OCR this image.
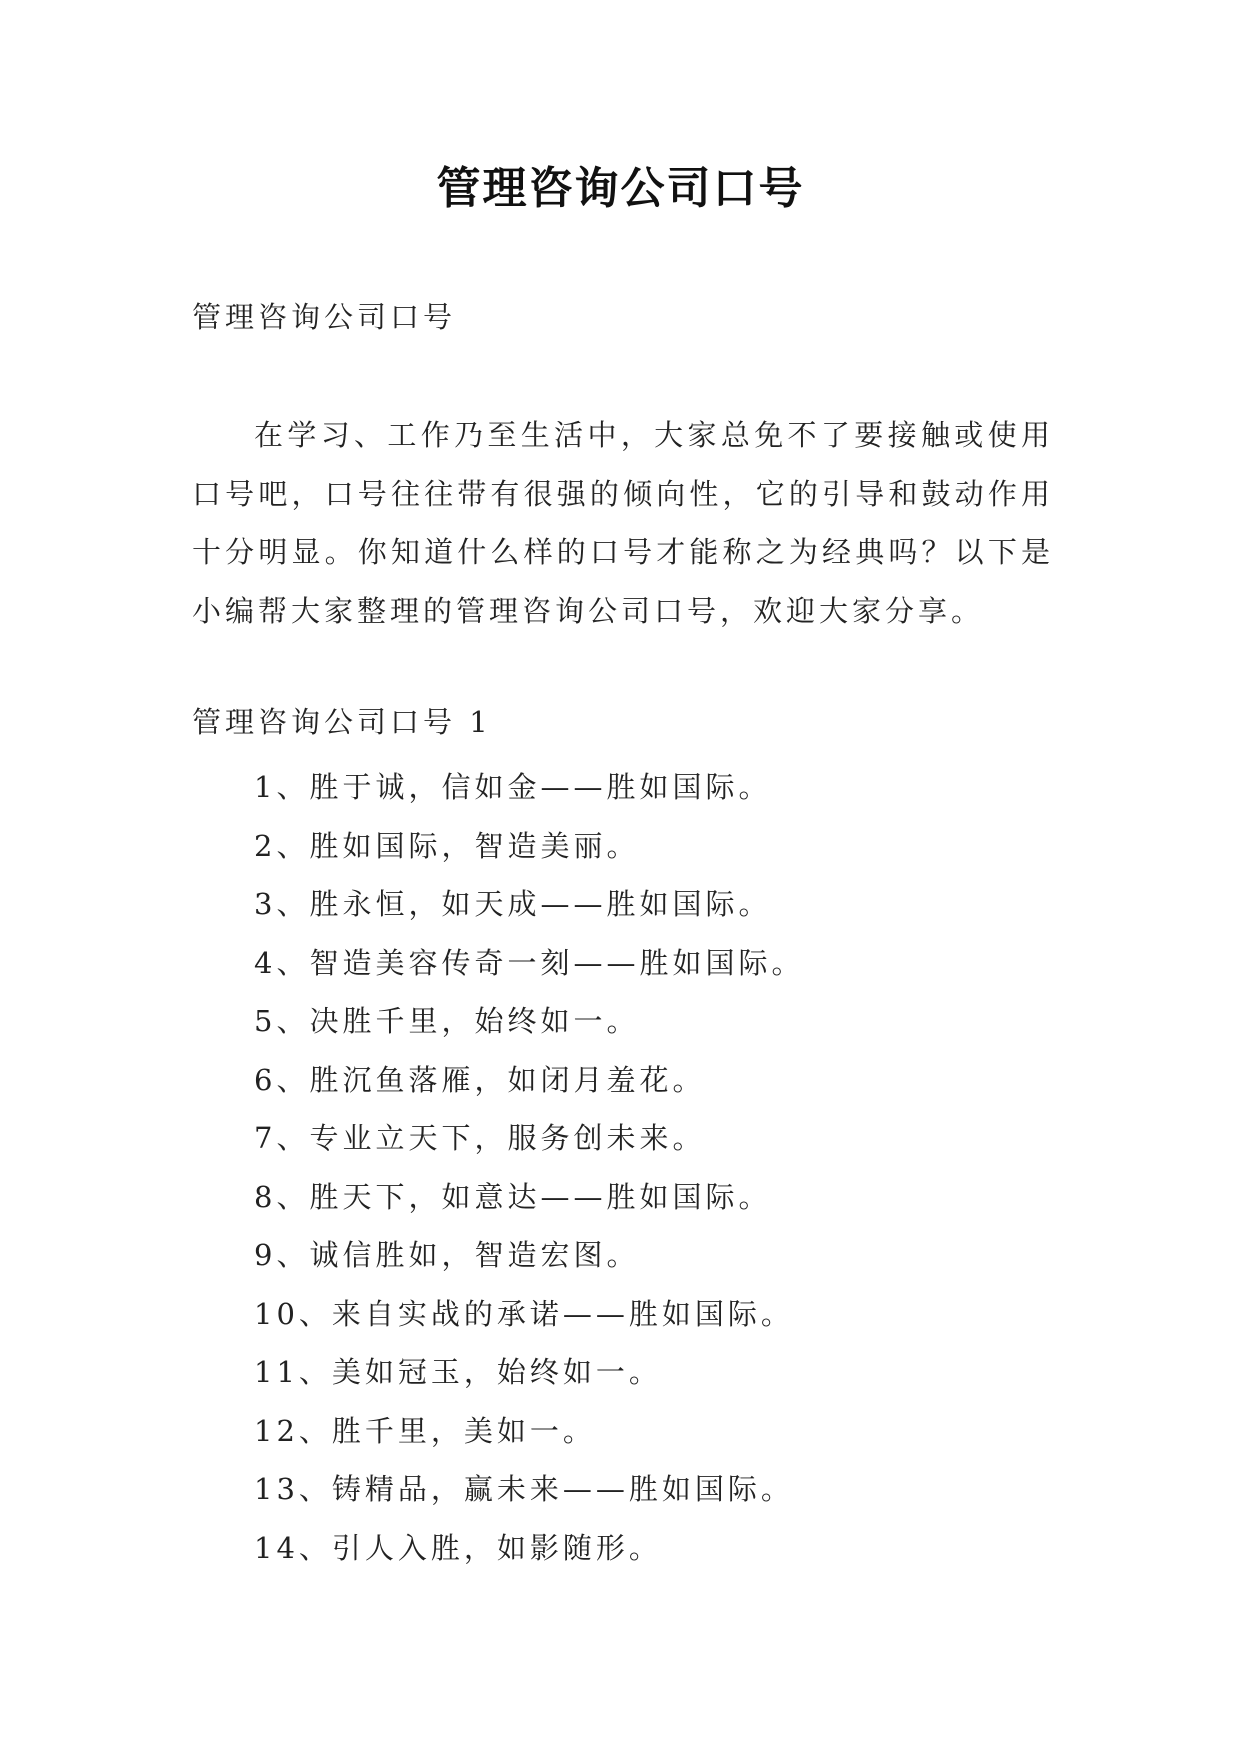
管理咨询公司口号
管理咨询公司口号
在学习、工作乃至生活中，大家总免不了要接触或使用口号吧，口号往往带有很强的倾向性，它的引导和鼓动作用十分明显。你知道什么样的口号才能称之为经典吗？以下是小编帮大家整理的管理咨询公司口号，欢迎大家分享。
管理咨询公司口号 1
1、胜于诚，信如金——胜如国际。
2、胜如国际，智造美丽。
3、胜永恒，如天成——胜如国际。
4、智造美容传奇一刻——胜如国际。
5、决胜千里，始终如一。
6、胜沉鱼落雁，如闭月羞花。
7、专业立天下，服务创未来。
8、胜天下，如意达——胜如国际。
9、诚信胜如，智造宏图。
10、来自实战的承诺——胜如国际。
11、美如冠玉，始终如一。
12、胜千里，美如一。
13、铸精品，赢未来——胜如国际。
14、引人入胜，如影随形。
